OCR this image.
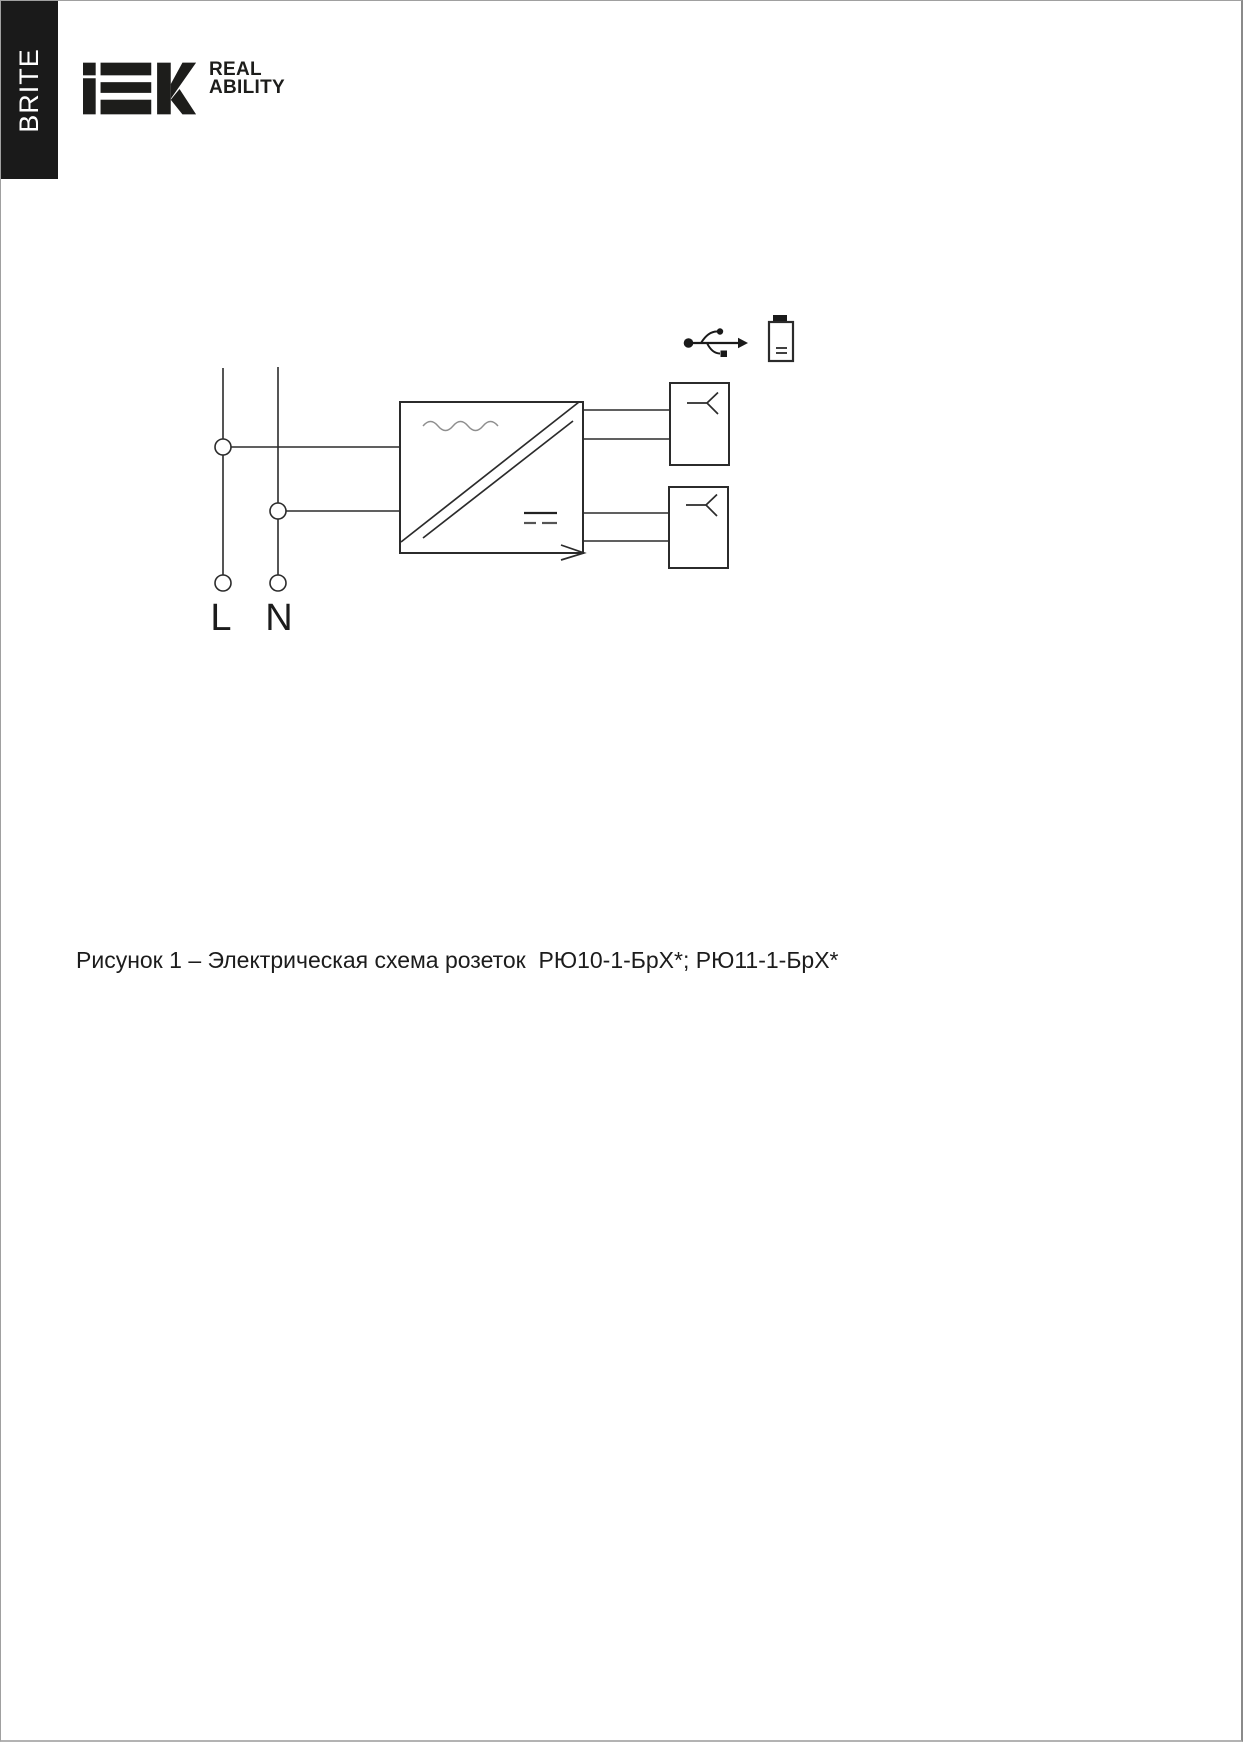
BRITE	REAL
ABILITY
L N
Рисунок 1 – Электрическая схема розеток  РЮ10-1-БрХ*; РЮ11-1-БрХ*
